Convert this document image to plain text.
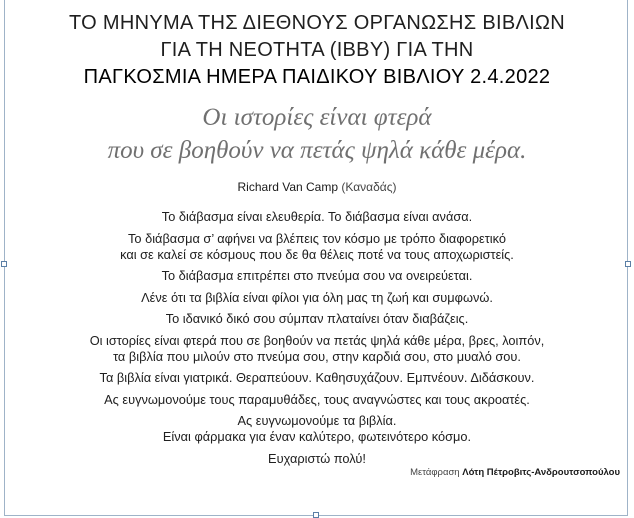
ΤΟ ΜΗΝΥΜΑ ΤΗΣ ΔΙΕΘΝΟΥΣ ΟΡΓΑΝΩΣΗΣ ΒΙΒΛΙΩΝ
ΓΙΑ ΤΗ ΝΕΟΤΗΤΑ (IBBY) ΓΙΑ ΤΗΝ
ΠΑΓΚΟΣΜΙΑ ΗΜΕΡΑ ΠΑΙΔΙΚΟΥ ΒΙΒΛΙΟΥ 2.4.2022
Οι ιστορίες είναι φτερά
που σε βοηθούν να πετάς ψηλά κάθε μέρα.
Richard Van Camp (Καναδάς)
Το διάβασμα είναι ελευθερία. Το διάβασμα είναι ανάσα.
Το διάβασμα σ’ αφήνει να βλέπεις τον κόσμο με τρόπο διαφορετικό
και σε καλεί σε κόσμους που δε θα θέλεις ποτέ να τους αποχωριστείς.
Το διάβασμα επιτρέπει στο πνεύμα σου να ονειρεύεται.
Λένε ότι τα βιβλία είναι φίλοι για όλη μας τη ζωή και συμφωνώ.
Το ιδανικό δικό σου σύμπαν πλαταίνει όταν διαβάζεις.
Οι ιστορίες είναι φτερά που σε βοηθούν να πετάς ψηλά κάθε μέρα, βρες, λοιπόν,
τα βιβλία που μιλούν στο πνεύμα σου, στην καρδιά σου, στο μυαλό σου.
Τα βιβλία είναι γιατρικά. Θεραπεύουν. Καθησυχάζουν. Εμπνέουν. Διδάσκουν.
Ας ευγνωμονούμε τους παραμυθάδες, τους αναγνώστες και τους ακροατές.
Ας ευγνωμονούμε τα βιβλία.
Είναι φάρμακα για έναν καλύτερο, φωτεινότερο κόσμο.
Ευχαριστώ πολύ!
Μετάφραση Λότη Πέτροβιτς-Ανδρουτσοπούλου
